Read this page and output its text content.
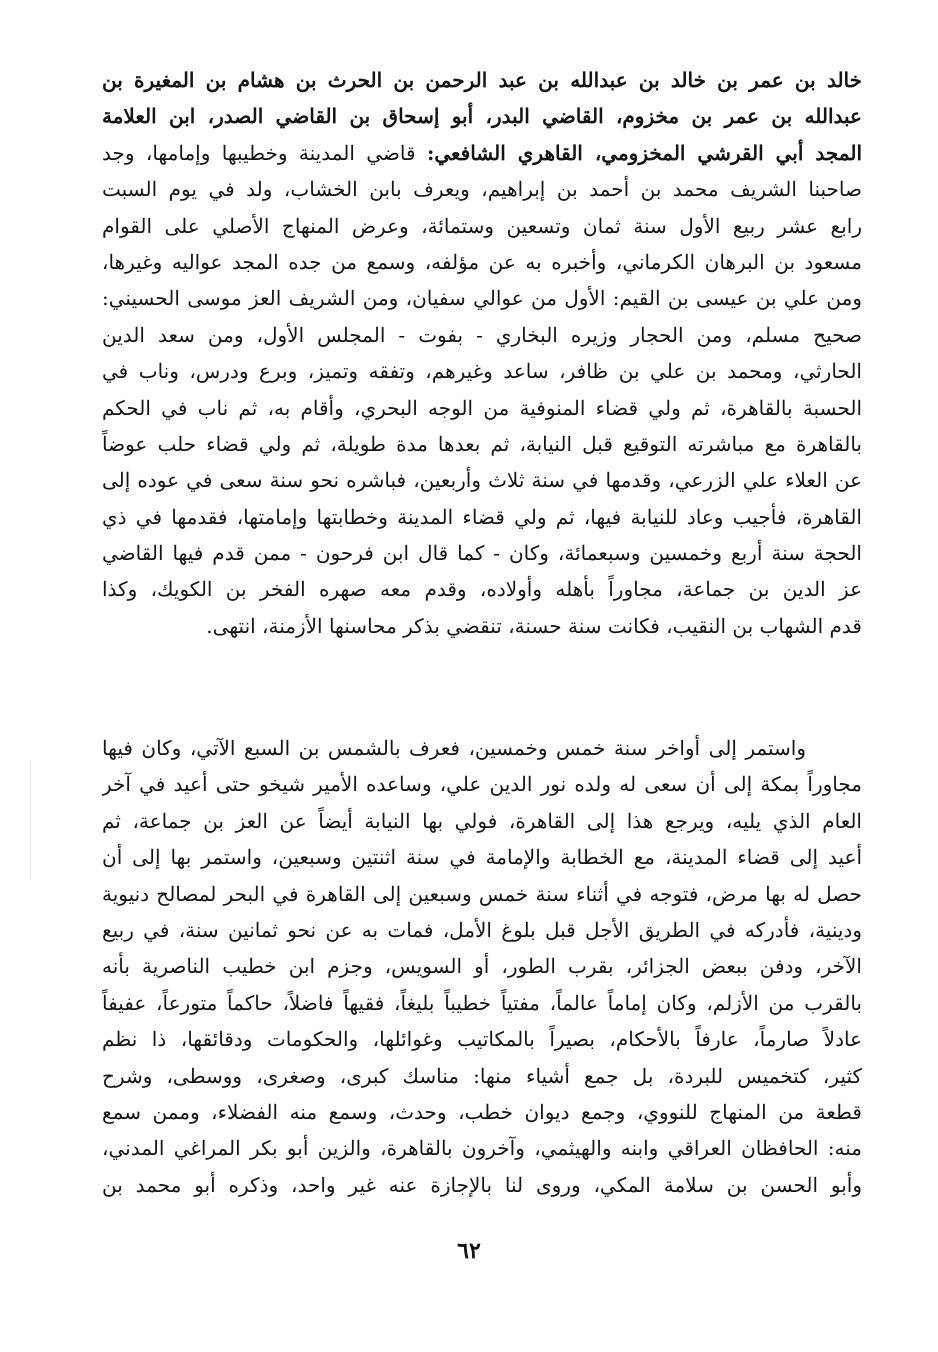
خالد بن عمر بن خالد بن عبدالله بن عبد الرحمن بن الحرث بن هشام بن المغيرة بن
عبدالله بن عمر بن مخزوم، القاضي البدر، أبو إسحاق بن القاضي الصدر، ابن العلامة
المجد أبي القرشي المخزومي، القاهري الشافعي: قاضي المدينة وخطيبها وإمامها، وجد
صاحبنا الشريف محمد بن أحمد بن إبراهيم، ويعرف بابن الخشاب، ولد في يوم السبت
رابع عشر ربيع الأول سنة ثمان وتسعين وستمائة، وعرض المنهاج الأصلي على القوام
مسعود بن البرهان الكرماني، وأخبره به عن مؤلفه، وسمع من جده المجد عواليه وغيرها،
ومن علي بن عيسى بن القيم: الأول من عوالي سفيان، ومن الشريف العز موسى الحسيني:
صحيح مسلم، ومن الحجار وزيره البخاري - بفوت - المجلس الأول، ومن سعد الدين
الحارثي، ومحمد بن علي بن ظافر، ساعد وغيرهم، وتفقه وتميز، وبرع ودرس، وناب في
الحسبة بالقاهرة، ثم ولي قضاء المنوفية من الوجه البحري، وأقام به، ثم ناب في الحكم
بالقاهرة مع مباشرته التوقيع قبل النيابة، ثم بعدها مدة طويلة، ثم ولي قضاء حلب عوضاً
عن العلاء علي الزرعي، وقدمها في سنة ثلاث وأربعين، فباشره نحو سنة سعى في عوده إلى
القاهرة، فأجيب وعاد للنيابة فيها، ثم ولي قضاء المدينة وخطابتها وإمامتها، فقدمها في ذي
الحجة سنة أربع وخمسين وسبعمائة، وكان - كما قال ابن فرحون - ممن قدم فيها القاضي
عز الدين بن جماعة، مجاوراً بأهله وأولاده، وقدم معه صهره الفخر بن الكويك، وكذا
قدم الشهاب بن النقيب، فكانت سنة حسنة، تنقضي بذكر محاسنها الأزمنة، انتهى.
واستمر إلى أواخر سنة خمس وخمسين، فعرف بالشمس بن السبع الآتي، وكان فيها
مجاوراً بمكة إلى أن سعى له ولده نور الدين علي، وساعده الأمير شيخو حتى أعيد في آخر
العام الذي يليه، ويرجع هذا إلى القاهرة، فولي بها النيابة أيضاً عن العز بن جماعة، ثم
أعيد إلى قضاء المدينة، مع الخطابة والإمامة في سنة اثنتين وسبعين، واستمر بها إلى أن
حصل له بها مرض، فتوجه في أثناء سنة خمس وسبعين إلى القاهرة في البحر لمصالح دنيوية
ودينية، فأدركه في الطريق الأجل قبل بلوغ الأمل، فمات به عن نحو ثمانين سنة، في ربيع
الآخر، ودفن ببعض الجزائر، بقرب الطور، أو السويس، وجزم ابن خطيب الناصرية بأنه
بالقرب من الأزلم، وكان إماماً عالماً، مفتياً خطيباً بليغاً، فقيهاً فاضلاً، حاكماً متورعاً، عفيفاً
عادلاً صارماً، عارفاً بالأحكام، بصيراً بالمكاتيب وغوائلها، والحكومات ودقائقها، ذا نظم
كثير، كتخميس للبردة، بل جمع أشياء منها: مناسك كبرى، وصغرى، ووسطى، وشرح
قطعة من المنهاج للنووي، وجمع ديوان خطب، وحدث، وسمع منه الفضلاء، وممن سمع
منه: الحافظان العراقي وابنه والهيثمي، وآخرون بالقاهرة، والزين أبو بكر المراغي المدني،
وأبو الحسن بن سلامة المكي، وروى لنا بالإجازة عنه غير واحد، وذكره أبو محمد بن
٦٢
